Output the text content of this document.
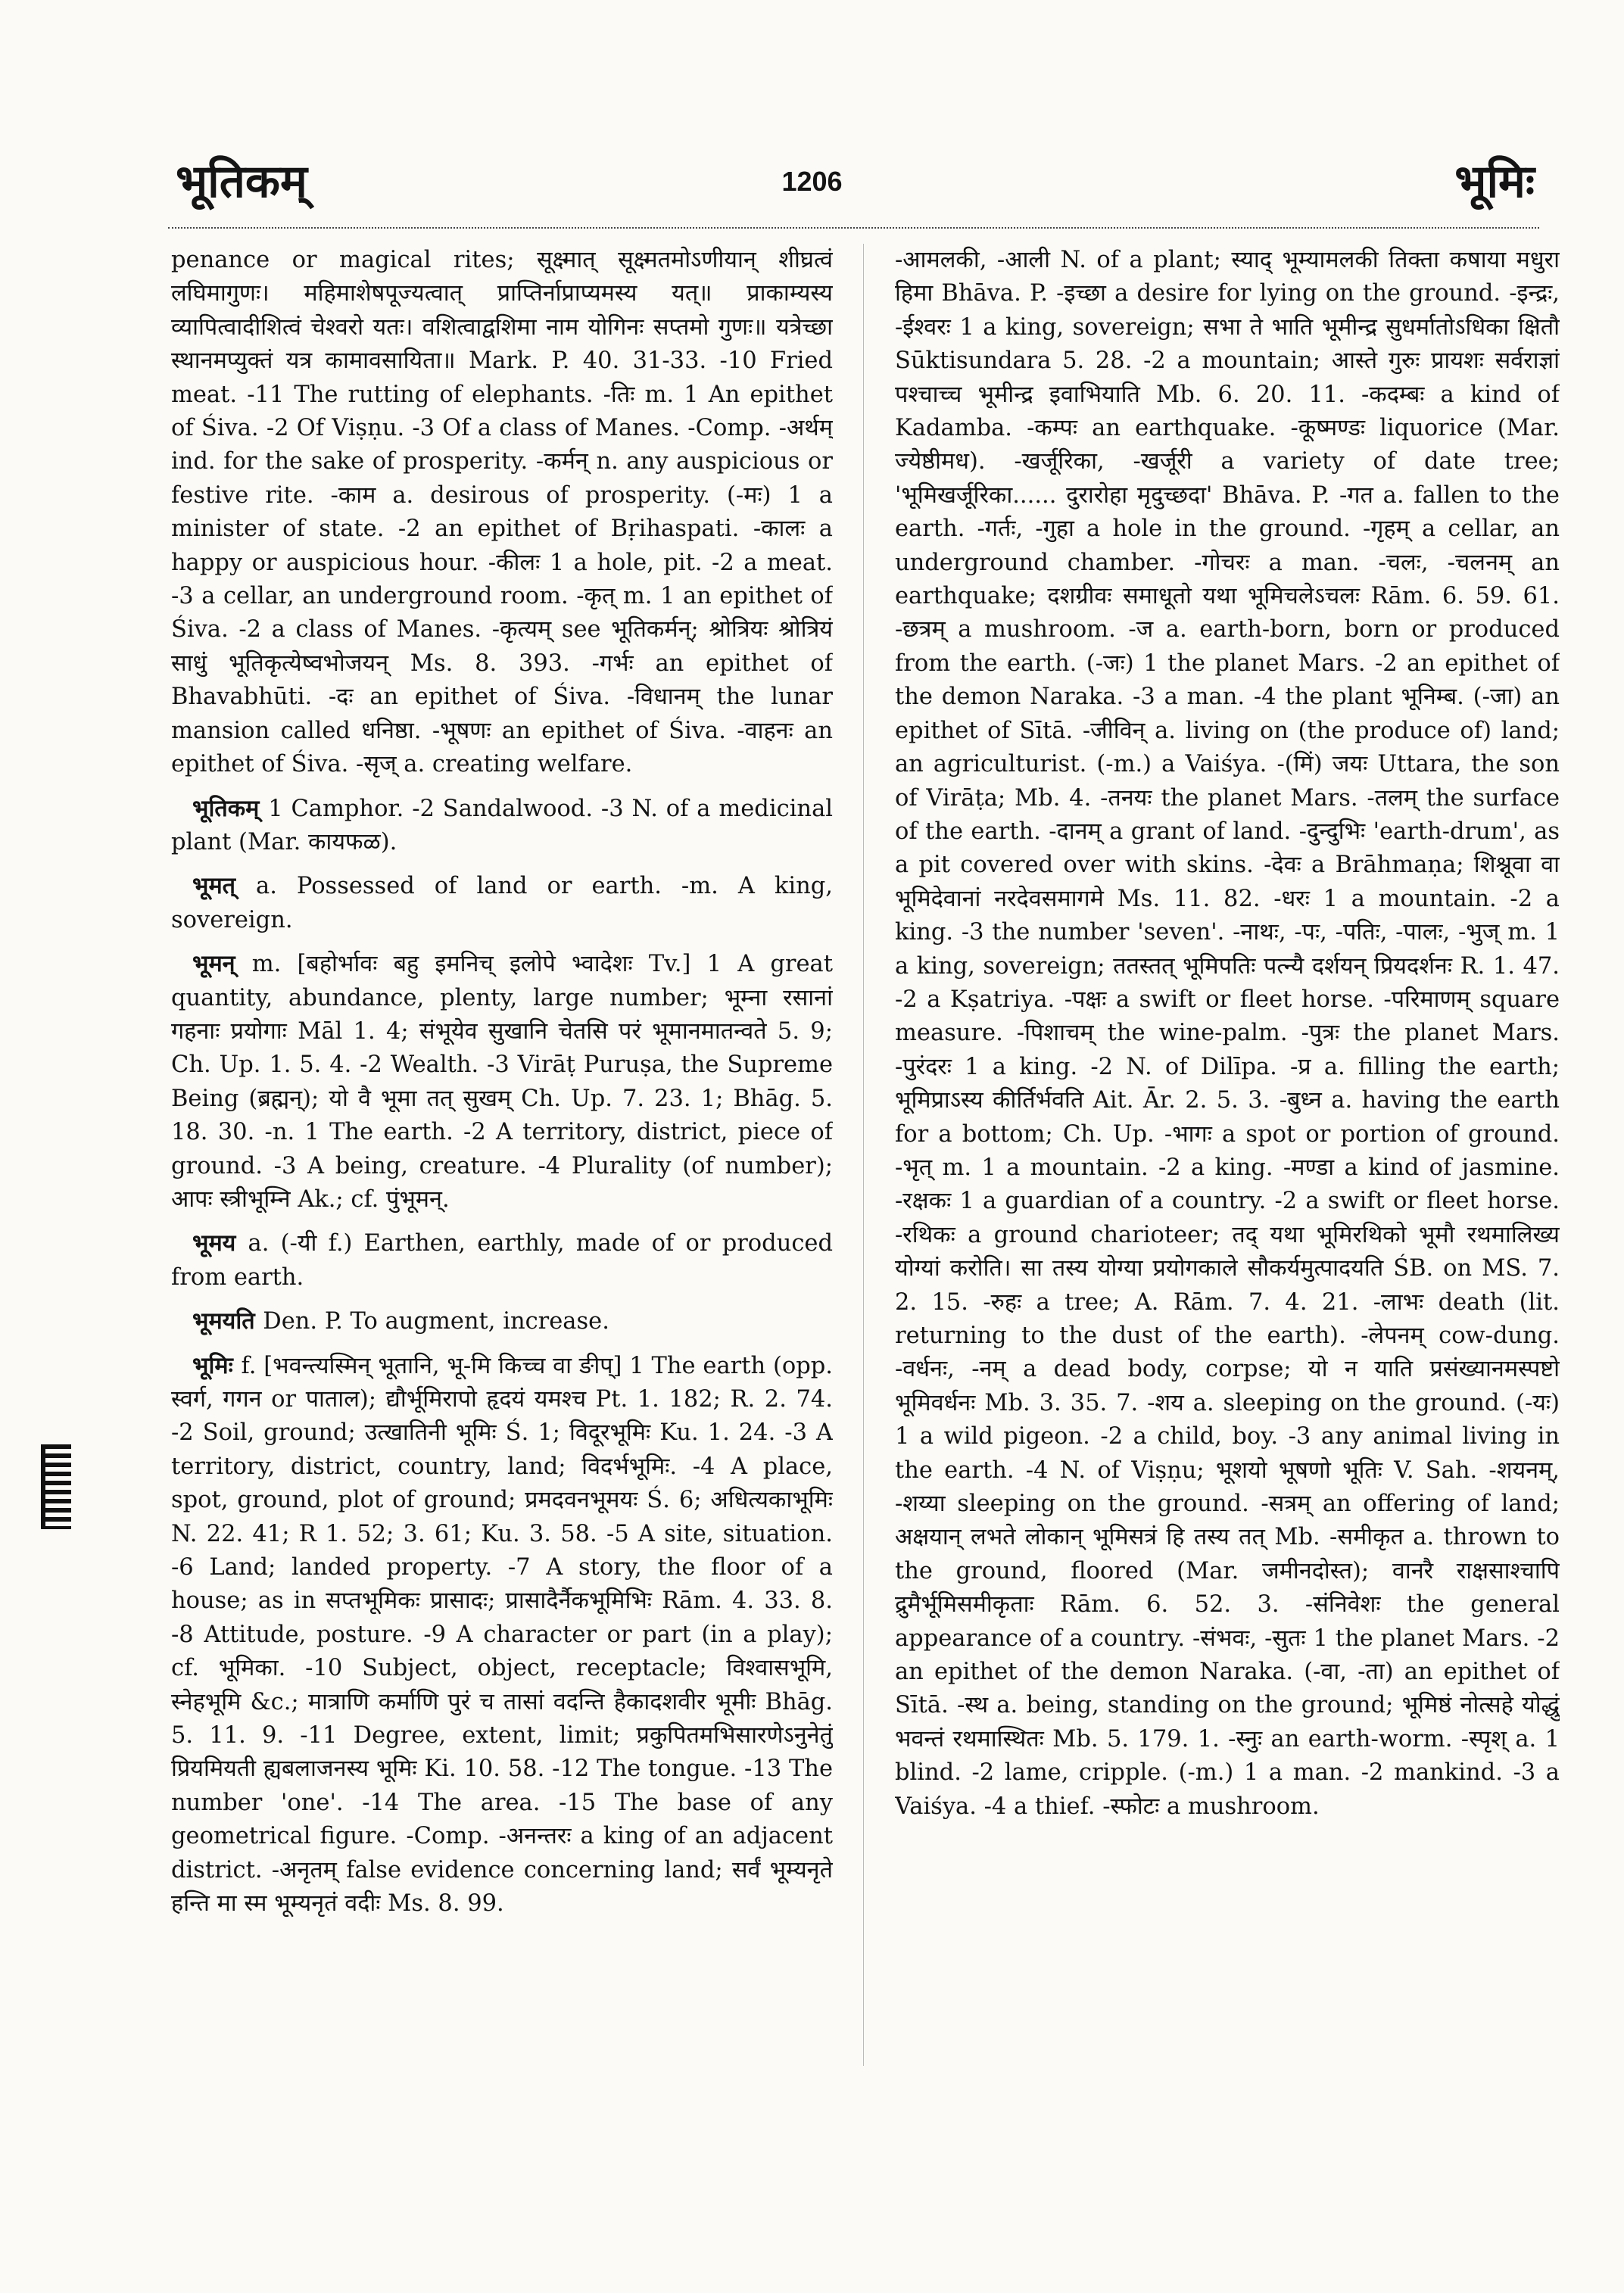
भूतिकम्	1206	भूमिः

penance or magical rites; सूक्ष्मात् सूक्ष्मतमोऽणीयान् शीघ्रत्वं लघिमागुणः। महिमाशेषपूज्यत्वात् प्राप्तिर्नाप्राप्यमस्य यत्॥ प्राकाम्यस्य व्यापित्वादीशित्वं चेश्वरो यतः। वशित्वाद्वशिमा नाम योगिनः सप्तमो गुणः॥ यत्रेच्छा स्थानमप्युक्तं यत्र कामावसायिता॥ Mark. P. 40. 31-33. -10 Fried meat. -11 The rutting of elephants. -तिः m. 1 An epithet of Śiva. -2 Of Viṣṇu. -3 Of a class of Manes. -Comp. -अर्थम् ind. for the sake of prosperity. -कर्मन् n. any auspicious or festive rite. -काम a. desirous of prosperity. (-मः) 1 a minister of state. -2 an epithet of Bṛihaspati. -कालः a happy or auspicious hour. -कीलः 1 a hole, pit. -2 a meat. -3 a cellar, an underground room. -कृत् m. 1 an epithet of Śiva. -2 a class of Manes. -कृत्यम् see भूतिकर्मन्; श्रोत्रियः श्रोत्रियं साधुं भूतिकृत्येष्वभोजयन् Ms. 8. 393. -गर्भः an epithet of Bhavabhūti. -दः an epithet of Śiva. -विधानम् the lunar mansion called धनिष्ठा. -भूषणः an epithet of Śiva. -वाहनः an epithet of Śiva. -सृज् a. creating welfare.

भूतिकम् 1 Camphor. -2 Sandalwood. -3 N. of a medicinal plant (Mar. कायफळ).

भूमत् a. Possessed of land or earth. -m. A king, sovereign.

भूमन् m. [बहोर्भावः बहु इमनिच् इलोपे भ्वादेशः Tv.] 1 A great quantity, abundance, plenty, large number; भूम्ना रसानां गहनाः प्रयोगाः Māl 1. 4; संभूयेव सुखानि चेतसि परं भूमानमातन्वते 5. 9; Ch. Up. 1. 5. 4. -2 Wealth. -3 Virāṭ Puruṣa, the Supreme Being (ब्रह्मन्); यो वै भूमा तत् सुखम् Ch. Up. 7. 23. 1; Bhāg. 5. 18. 30. -n. 1 The earth. -2 A territory, district, piece of ground. -3 A being, creature. -4 Plurality (of number); आपः स्त्रीभूम्नि Ak.; cf. पुंभूमन्.

भूमय a. (-यी f.) Earthen, earthly, made of or produced from earth.

भूमयति Den. P. To augment, increase.

भूमिः f. [भवन्त्यस्मिन् भूतानि, भू-मि किच्च वा ङीप्] 1 The earth (opp. स्वर्ग, गगन or पाताल); द्यौर्भूमिरापो हृदयं यमश्च Pt. 1. 182; R. 2. 74. -2 Soil, ground; उत्खातिनी भूमिः Ś. 1; विदूरभूमिः Ku. 1. 24. -3 A territory, district, country, land; विदर्भभूमिः. -4 A place, spot, ground, plot of ground; प्रमदवनभूमयः Ś. 6; अधित्यकाभूमिः N. 22. 41; R 1. 52; 3. 61; Ku. 3. 58. -5 A site, situation. -6 Land; landed property. -7 A story, the floor of a house; as in सप्तभूमिकः प्रासादः; प्रासादैर्नैकभूमिभिः Rām. 4. 33. 8. -8 Attitude, posture. -9 A character or part (in a play); cf. भूमिका. -10 Subject, object, receptacle; विश्वासभूमि, स्नेहभूमि &c.; मात्राणि कर्माणि पुरं च तासां वदन्ति हैकादशवीर भूमीः Bhāg. 5. 11. 9. -11 Degree, extent, limit; प्रकुपितमभिसारणेऽनुनेतुं प्रियमियती ह्यबलाजनस्य भूमिः Ki. 10. 58. -12 The tongue. -13 The number 'one'. -14 The area. -15 The base of any geometrical figure. -Comp. -अनन्तरः a king of an adjacent district. -अनृतम् false evidence concerning land; सर्वं भूम्यनृते हन्ति मा स्म भूम्यनृतं वदीः Ms. 8. 99.

-आमलकी, -आली N. of a plant; स्याद् भूम्यामलकी तिक्ता कषाया मधुरा हिमा Bhāva. P. -इच्छा a desire for lying on the ground. -इन्द्रः, -ईश्वरः 1 a king, sovereign; सभा ते भाति भूमीन्द्र सुधर्मातोऽधिका क्षितौ Sūktisundara 5. 28. -2 a mountain; आस्ते गुरुः प्रायशः सर्वराज्ञां पश्चाच्च भूमीन्द्र इवाभियाति Mb. 6. 20. 11. -कदम्बः a kind of Kadamba. -कम्पः an earthquake. -कूष्मण्डः liquorice (Mar. ज्येष्ठीमध). -खर्जूरिका, -खर्जूरी a variety of date tree; 'भूमिखर्जूरिका...... दुरारोहा मृदुच्छदा' Bhāva. P. -गत a. fallen to the earth. -गर्तः, -गुहा a hole in the ground. -गृहम् a cellar, an underground chamber. -गोचरः a man. -चलः, -चलनम् an earthquake; दशग्रीवः समाधूतो यथा भूमिचलेऽचलः Rām. 6. 59. 61. -छत्रम् a mushroom. -ज a. earth-born, born or produced from the earth. (-जः) 1 the planet Mars. -2 an epithet of the demon Naraka. -3 a man. -4 the plant भूनिम्ब. (-जा) an epithet of Sītā. -जीविन् a. living on (the produce of) land; an agriculturist. (-m.) a Vaiśya. -(मिं) जयः Uttara, the son of Virāṭa; Mb. 4. -तनयः the planet Mars. -तलम् the surface of the earth. -दानम् a grant of land. -दुन्दुभिः 'earth-drum', as a pit covered over with skins. -देवः a Brāhmaṇa; शिश्नूवा वा भूमिदेवानां नरदेवसमागमे Ms. 11. 82. -धरः 1 a mountain. -2 a king. -3 the number 'seven'. -नाथः, -पः, -पतिः, -पालः, -भुज् m. 1 a king, sovereign; ततस्तत् भूमिपतिः पत्न्यै दर्शयन् प्रियदर्शनः R. 1. 47. -2 a Kṣatriya. -पक्षः a swift or fleet horse. -परिमाणम् square measure. -पिशाचम् the wine-palm. -पुत्रः the planet Mars. -पुरंदरः 1 a king. -2 N. of Dilīpa. -प्र a. filling the earth; भूमिप्राऽस्य कीर्तिर्भवति Ait. Ār. 2. 5. 3. -बुध्न a. having the earth for a bottom; Ch. Up. -भागः a spot or portion of ground. -भृत् m. 1 a mountain. -2 a king. -मण्डा a kind of jasmine. -रक्षकः 1 a guardian of a country. -2 a swift or fleet horse. -रथिकः a ground charioteer; तद् यथा भूमिरथिको भूमौ रथमालिख्य योग्यां करोति। सा तस्य योग्या प्रयोगकाले सौकर्यमुत्पादयति ŚB. on MS. 7. 2. 15. -रुहः a tree; A. Rām. 7. 4. 21. -लाभः death (lit. returning to the dust of the earth). -लेपनम् cow-dung. -वर्धनः, -नम् a dead body, corpse; यो न याति प्रसंख्यानमस्पष्टो भूमिवर्धनः Mb. 3. 35. 7. -शय a. sleeping on the ground. (-यः) 1 a wild pigeon. -2 a child, boy. -3 any animal living in the earth. -4 N. of Viṣṇu; भूशयो भूषणो भूतिः V. Sah. -शयनम्, -शय्या sleeping on the ground. -सत्रम् an offering of land; अक्षयान् लभते लोकान् भूमिसत्रं हि तस्य तत् Mb. -समीकृत a. thrown to the ground, floored (Mar. जमीनदोस्त); वानरै राक्षसाश्चापि द्रुमैर्भूमिसमीकृताः Rām. 6. 52. 3. -संनिवेशः the general appearance of a country. -संभवः, -सुतः 1 the planet Mars. -2 an epithet of the demon Naraka. (-वा, -ता) an epithet of Sītā. -स्थ a. being, standing on the ground; भूमिष्ठं नोत्सहे योद्धुं भवन्तं रथमास्थितः Mb. 5. 179. 1. -स्नुः an earth-worm. -स्पृश् a. 1 blind. -2 lame, cripple. (-m.) 1 a man. -2 mankind. -3 a Vaiśya. -4 a thief. -स्फोटः a mushroom.
